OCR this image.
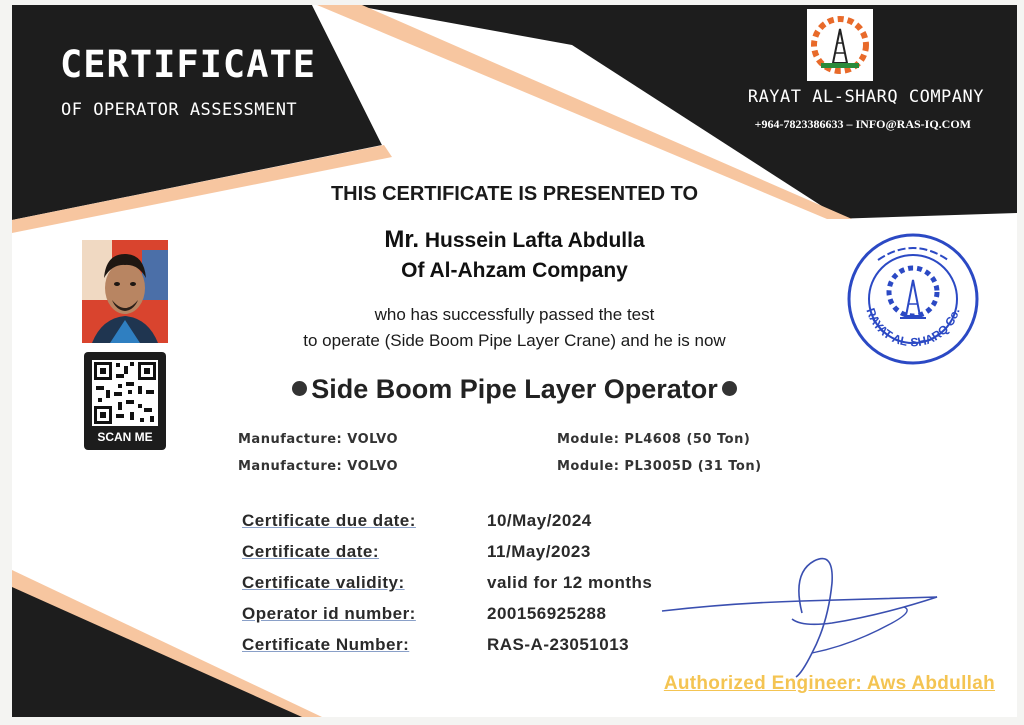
CERTIFICATE

OF OPERATOR ASSESSMENT

RAYAT AL-SHARQ COMPANY
+964-7823386633 – INFO@RAS-IQ.COM
THIS CERTIFICATE IS PRESENTED TO
Mr. Hussein Lafta Abdulla
Of Al-Ahzam Company
who has successfully passed the test
to operate (Side Boom Pipe Layer Crane) and he is now
Side Boom Pipe Layer Operator
SCAN ME	Manufacture: VOLVO	Module: PL4608 (50 Ton)
Manufacture: VOLVO	Module: PL3005D (31 Ton)
Certificate due date:	10/May/2024
Certificate date:	11/May/2023
Certificate validity:	valid for 12 months
Operator id number:	200156925288
Certificate Number:	RAS-A-23051013
RAYAT AL-SHARQ Co.
Authorized Engineer: Aws Abdullah
